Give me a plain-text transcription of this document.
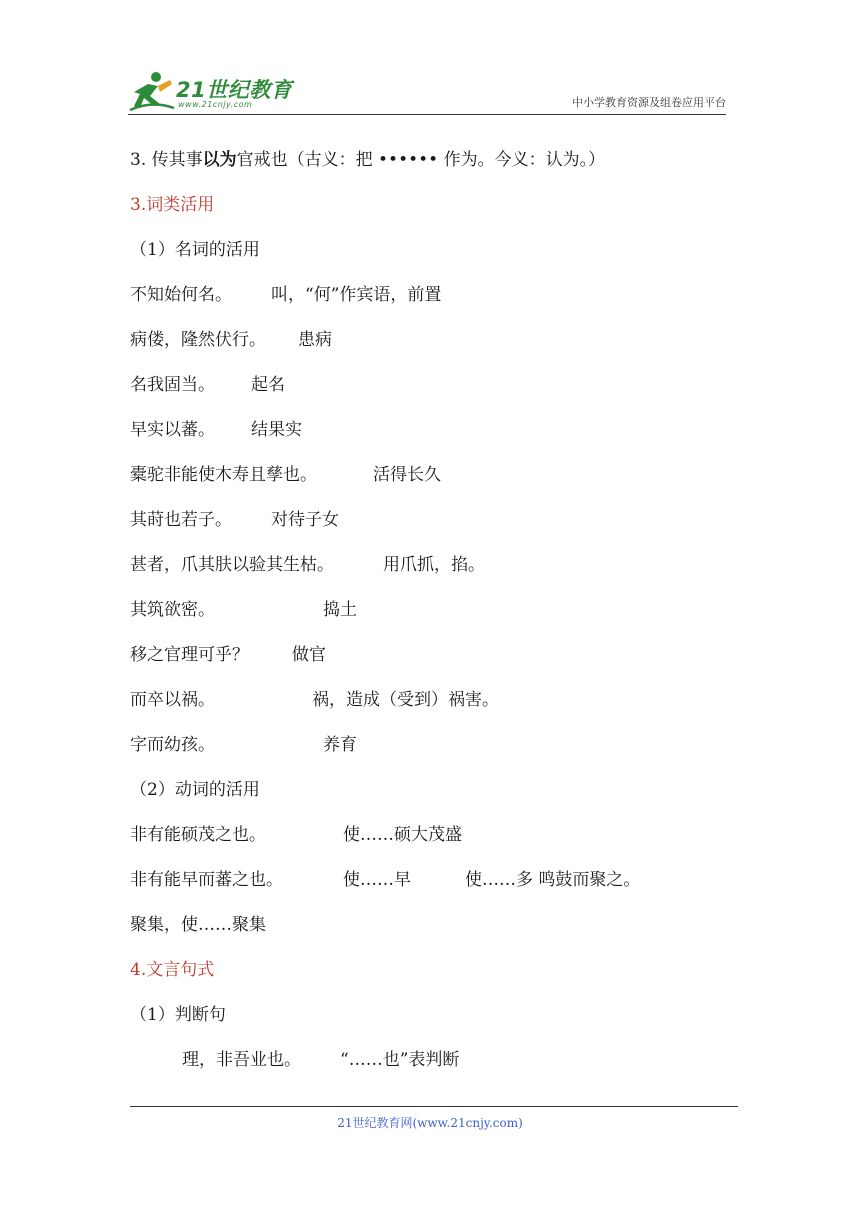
21世纪教育
www.21cnjy.com	中小学教育资源及组卷应用平台
3. 传其事以为官戒也（古义：把 •••••• 作为。今义：认为。）
3.词类活用
（1）名词的活用
不知始何名。 叫，“何”作宾语，前置
病偻，隆然伏行。 患病
名我固当。 起名
早实以蕃。 结果实
橐驼非能使木寿且孳也。	活得长久
其莳也若子。 对待子女
甚者，爪其肤以验其生枯。	用爪抓，掐。
其筑欲密。	捣土
移之官理可乎？	做官
而卒以祸。	祸，造成（受到）祸害。
字而幼孩。	养育
（2）动词的活用
非有能硕茂之也。	使……硕大茂盛
非有能早而蕃之也。	使……早	使……多 鸣鼓而聚之。
聚集，使……聚集
4.文言句式
（1）判断句
理，非吾业也。 “……也”表判断
21世纪教育网(www.21cnjy.com)
